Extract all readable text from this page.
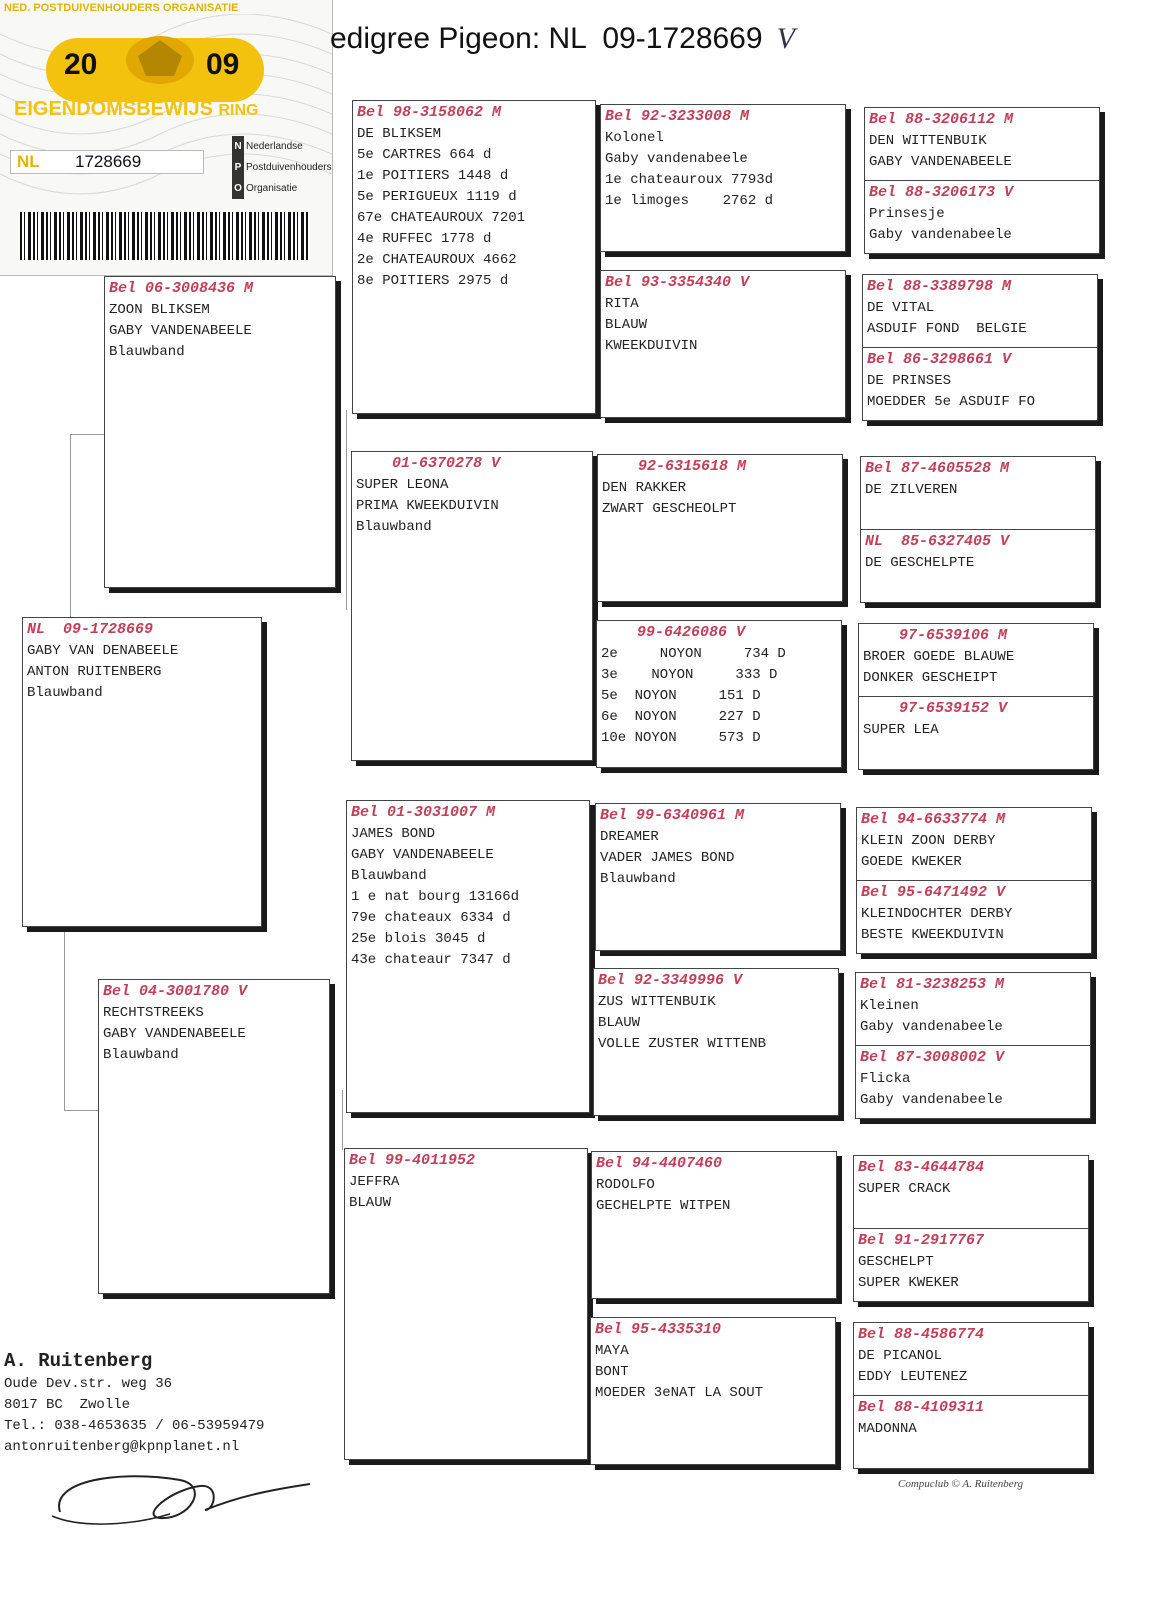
NED. POSTDUIVENHOUDERS ORGANISATIE
20	09
EIGENDOMSBEWIJS RING
NL 1728669
N Nederlandse
P Postduivenhouders
O Organisatie
edigree Pigeon: NL  09-1728669 V
NL  09-1728669
GABY VAN DENABEELE
ANTON RUITENBERG
Blauwband
Bel 06-3008436 M
ZOON BLIKSEM
GABY VANDENABEELE
Blauwband
Bel 04-3001780 V
RECHTSTREEKS
GABY VANDENABEELE
Blauwband
Bel 98-3158062 M
DE BLIKSEM
5e CARTRES 664 d
1e POITIERS 1448 d
5e PERIGUEUX 1119 d
67e CHATEAUROUX 7201
4e RUFFEC 1778 d
2e CHATEAUROUX 4662
8e POITIERS 2975 d
01-6370278 V
SUPER LEONA
PRIMA KWEEKDUIVIN
Blauwband
Bel 01-3031007 M
JAMES BOND
GABY VANDENABEELE
Blauwband
1 e nat bourg 13166d
79e chateaux 6334 d
25e blois 3045 d
43e chateaur 7347 d
Bel 99-4011952
JEFFRA
BLAUW
Bel 92-3233008 M
Kolonel
Gaby vandenabeele
1e chateauroux 7793d
1e limoges    2762 d
Bel 93-3354340 V
RITA
BLAUW
KWEEKDUIVIN
92-6315618 M
DEN RAKKER
ZWART GESCHEOLPT
99-6426086 V
2e     NOYON     734 D
3e    NOYON     333 D
5e  NOYON     151 D
6e  NOYON     227 D
10e NOYON     573 D
Bel 99-6340961 M
DREAMER
VADER JAMES BOND
Blauwband
Bel 92-3349996 V
ZUS WITTENBUIK
BLAUW
VOLLE ZUSTER WITTENB
Bel 94-4407460
RODOLFO
GECHELPTE WITPEN
Bel 95-4335310
MAYA
BONT
MOEDER 3eNAT LA SOUT
Bel 88-3206112 M
DEN WITTENBUIK
GABY VANDENABEELE
Bel 88-3206173 V
Prinsesje
Gaby vandenabeele
Bel 88-3389798 M
DE VITAL
ASDUIF FOND  BELGIE
Bel 86-3298661 V
DE PRINSES
MOEDDER 5e ASDUIF FO
Bel 87-4605528 M
DE ZILVEREN
NL  85-6327405 V
DE GESCHELPTE
97-6539106 M
BROER GOEDE BLAUWE
DONKER GESCHEIPT
97-6539152 V
SUPER LEA
Bel 94-6633774 M
KLEIN ZOON DERBY
GOEDE KWEKER
Bel 95-6471492 V
KLEINDOCHTER DERBY
BESTE KWEEKDUIVIN
Bel 81-3238253 M
Kleinen
Gaby vandenabeele
Bel 87-3008002 V
Flicka
Gaby vandenabeele
Bel 83-4644784
SUPER CRACK
Bel 91-2917767
GESCHELPT
SUPER KWEKER
Bel 88-4586774
DE PICANOL
EDDY LEUTENEZ
Bel 88-4109311
MADONNA
A. Ruitenberg
Oude Dev.str. weg 36
8017 BC  Zwolle
Tel.: 038-4653635 / 06-53959479
antonruitenberg@kpnplanet.nl
Compuclub © A. Ruitenberg
